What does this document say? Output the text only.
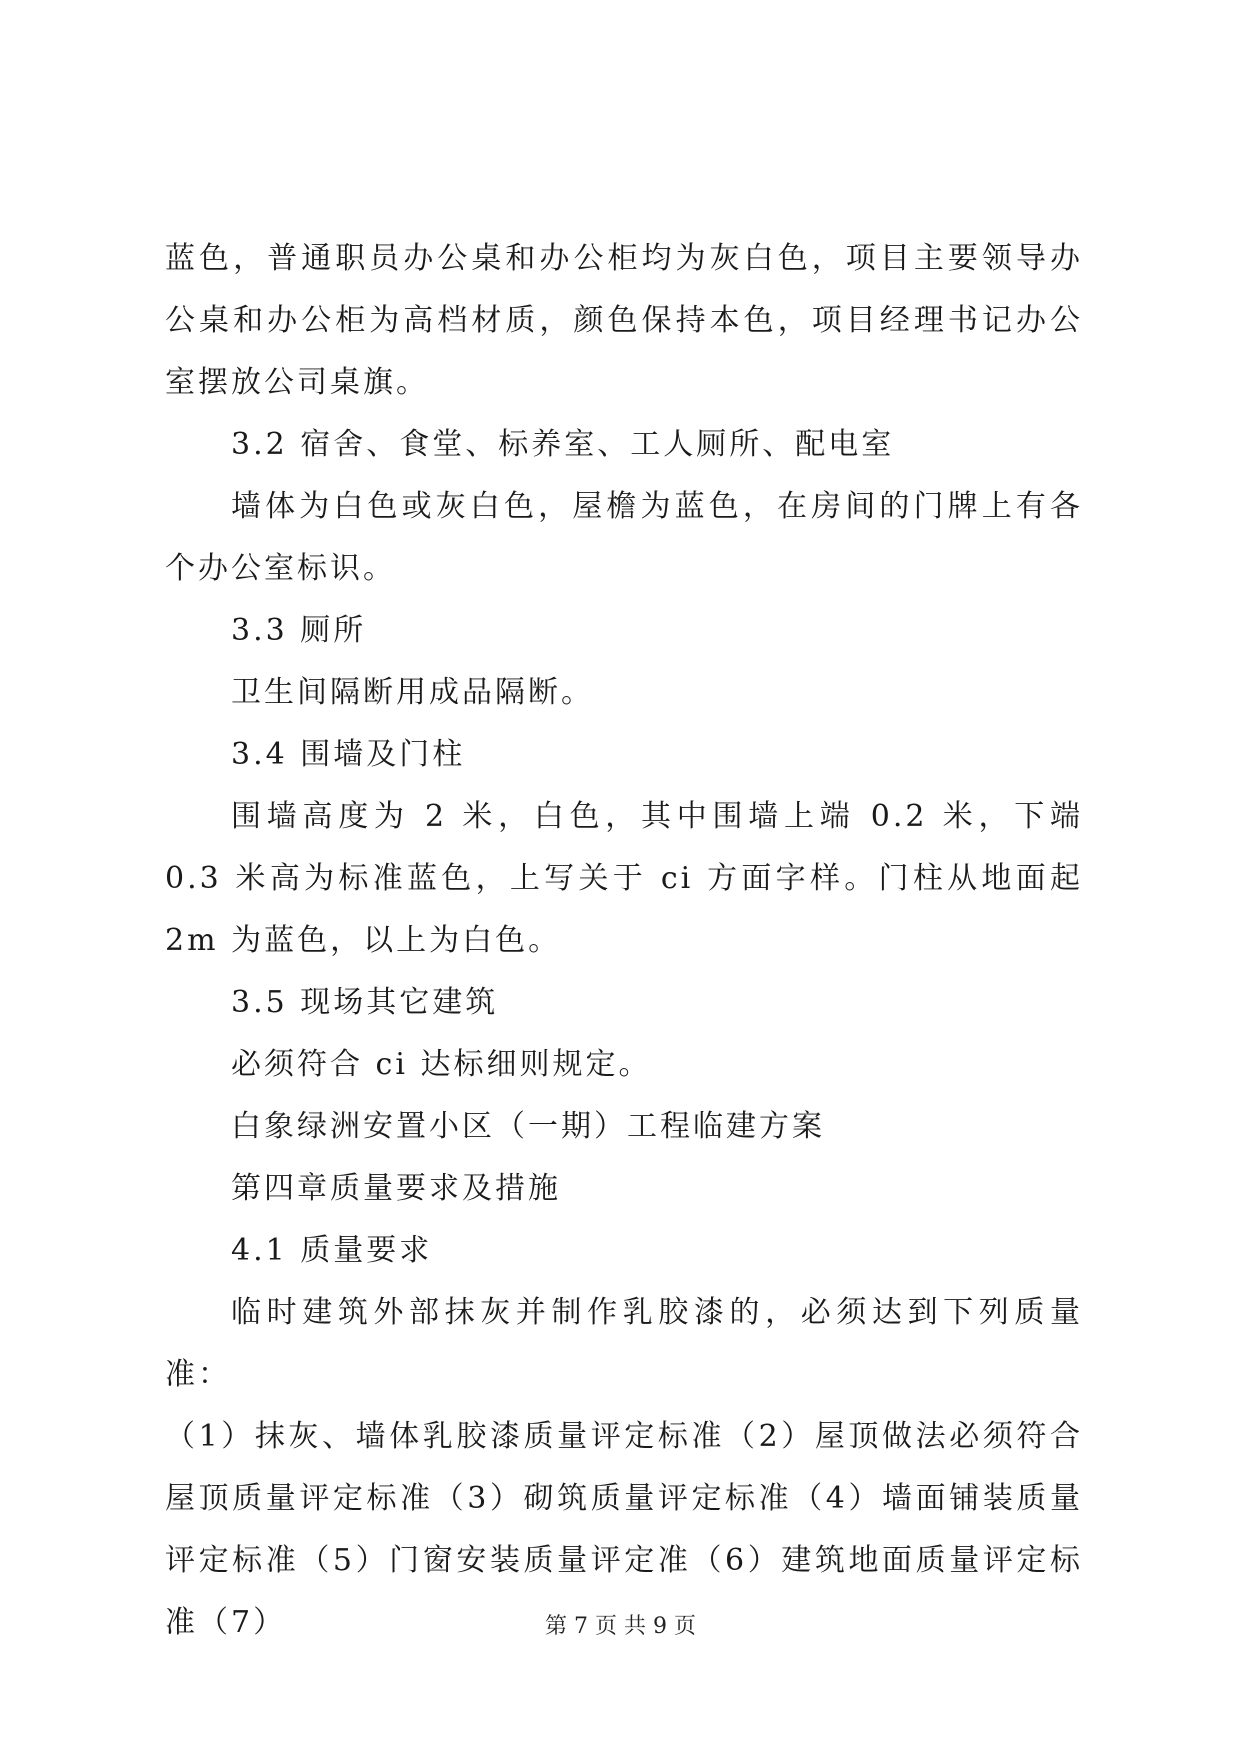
蓝色，普通职员办公桌和办公柜均为灰白色，项目主要领导办公桌和办公柜为高档材质，颜色保持本色，项目经理书记办公室摆放公司桌旗。

3.2 宿舍、食堂、标养室、工人厕所、配电室

墙体为白色或灰白色，屋檐为蓝色，在房间的门牌上有各个办公室标识。

3.3 厕所

卫生间隔断用成品隔断。

3.4 围墙及门柱

围墙高度为 2 米，白色，其中围墙上端 0.2 米，下端 0.3 米高为标准蓝色，上写关于 ci 方面字样。门柱从地面起 2m 为蓝色，以上为白色。

3.5 现场其它建筑

必须符合 ci 达标细则规定。

白象绿洲安置小区（一期）工程临建方案

第四章质量要求及措施

4.1 质量要求

临时建筑外部抹灰并制作乳胶漆的，必须达到下列质量准：

（1）抹灰、墙体乳胶漆质量评定标准（2）屋顶做法必须符合屋顶质量评定标准（3）砌筑质量评定标准（4）墙面铺装质量评定标准（5）门窗安装质量评定准（6）建筑地面质量评定标准（7）	第 7 页 共 9 页
